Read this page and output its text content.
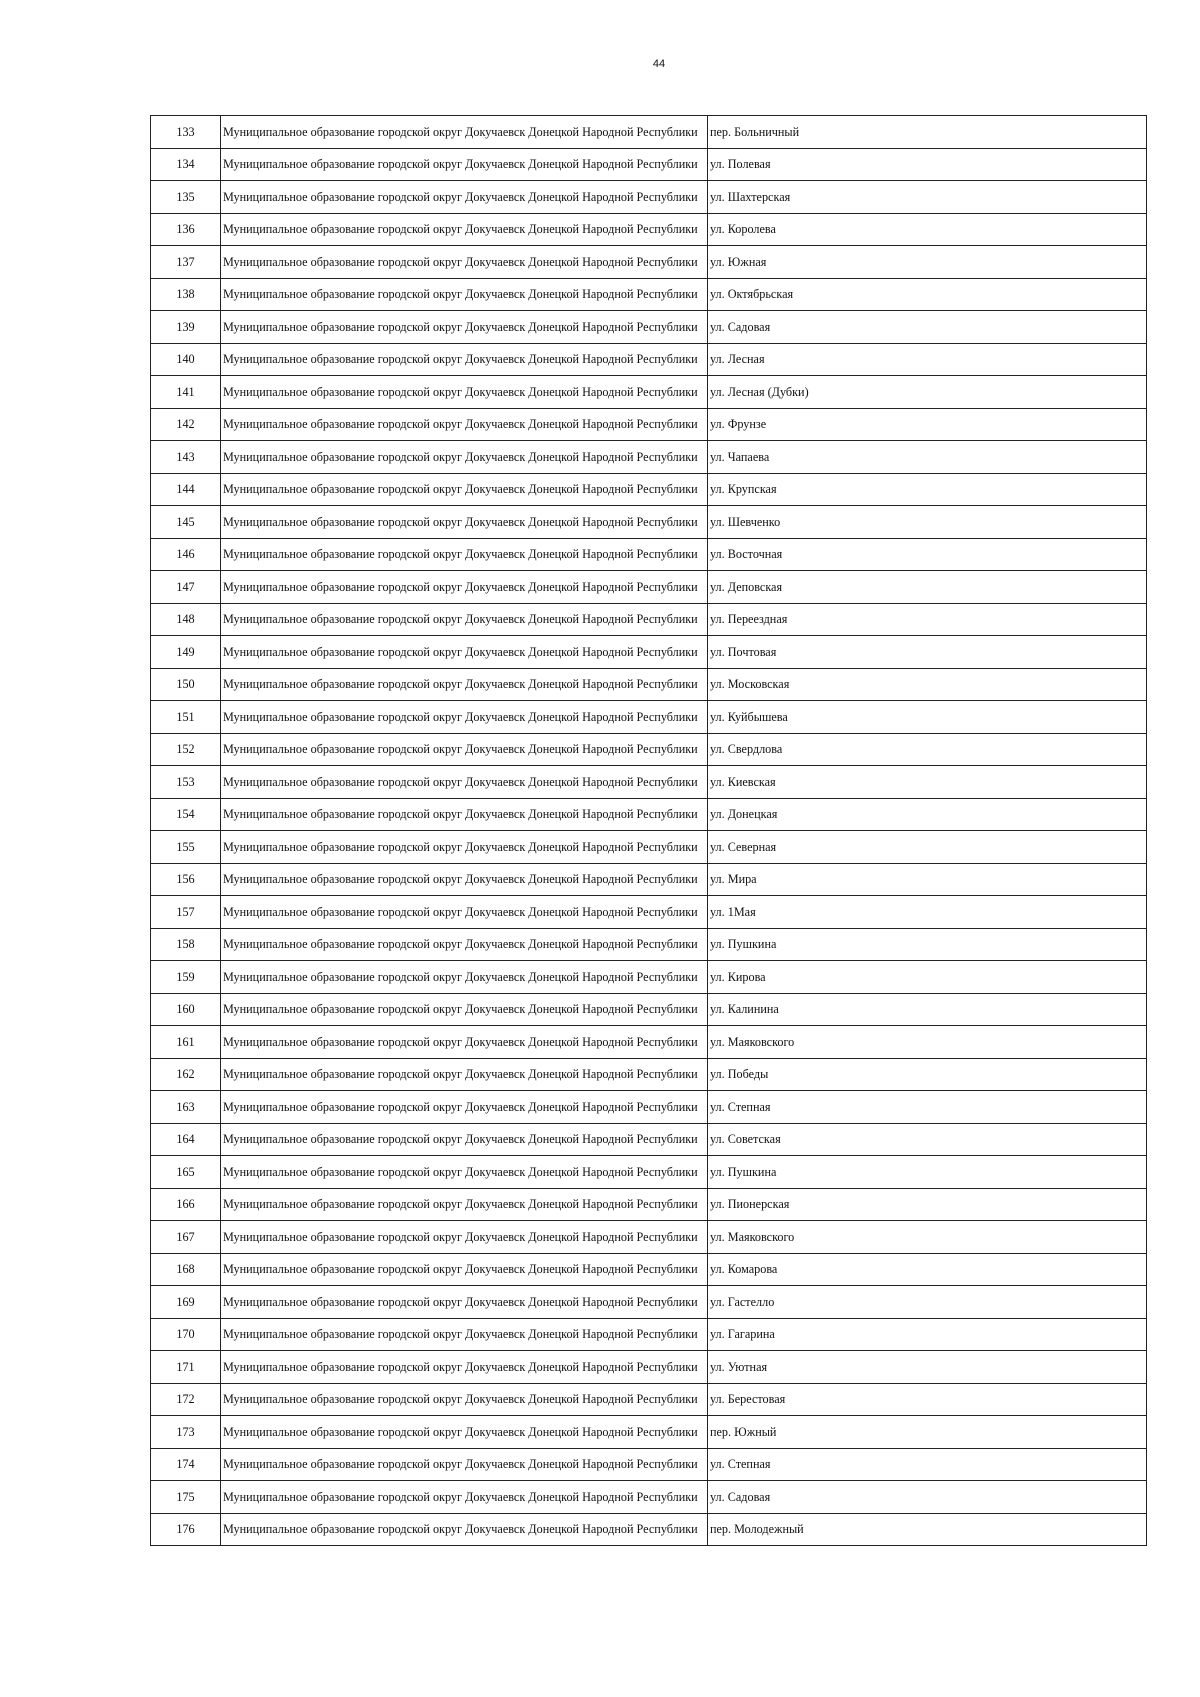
44
133	Муниципальное образование городской округ Докучаевск Донецкой Народной Республики	пер. Больничный
134	Муниципальное образование городской округ Докучаевск Донецкой Народной Республики	ул. Полевая
135	Муниципальное образование городской округ Докучаевск Донецкой Народной Республики	ул. Шахтерская
136	Муниципальное образование городской округ Докучаевск Донецкой Народной Республики	ул. Королева
137	Муниципальное образование городской округ Докучаевск Донецкой Народной Республики	ул. Южная
138	Муниципальное образование городской округ Докучаевск Донецкой Народной Республики	ул. Октябрьская
139	Муниципальное образование городской округ Докучаевск Донецкой Народной Республики	ул. Садовая
140	Муниципальное образование городской округ Докучаевск Донецкой Народной Республики	ул. Лесная
141	Муниципальное образование городской округ Докучаевск Донецкой Народной Республики	ул. Лесная (Дубки)
142	Муниципальное образование городской округ Докучаевск Донецкой Народной Республики	ул. Фрунзе
143	Муниципальное образование городской округ Докучаевск Донецкой Народной Республики	ул. Чапаева
144	Муниципальное образование городской округ Докучаевск Донецкой Народной Республики	ул. Крупская
145	Муниципальное образование городской округ Докучаевск Донецкой Народной Республики	ул. Шевченко
146	Муниципальное образование городской округ Докучаевск Донецкой Народной Республики	ул. Восточная
147	Муниципальное образование городской округ Докучаевск Донецкой Народной Республики	ул. Деповская
148	Муниципальное образование городской округ Докучаевск Донецкой Народной Республики	ул. Переездная
149	Муниципальное образование городской округ Докучаевск Донецкой Народной Республики	ул. Почтовая
150	Муниципальное образование городской округ Докучаевск Донецкой Народной Республики	ул. Московская
151	Муниципальное образование городской округ Докучаевск Донецкой Народной Республики	ул. Куйбышева
152	Муниципальное образование городской округ Докучаевск Донецкой Народной Республики	ул. Свердлова
153	Муниципальное образование городской округ Докучаевск Донецкой Народной Республики	ул. Киевская
154	Муниципальное образование городской округ Докучаевск Донецкой Народной Республики	ул. Донецкая
155	Муниципальное образование городской округ Докучаевск Донецкой Народной Республики	ул. Северная
156	Муниципальное образование городской округ Докучаевск Донецкой Народной Республики	ул. Мира
157	Муниципальное образование городской округ Докучаевск Донецкой Народной Республики	ул. 1Мая
158	Муниципальное образование городской округ Докучаевск Донецкой Народной Республики	ул. Пушкина
159	Муниципальное образование городской округ Докучаевск Донецкой Народной Республики	ул. Кирова
160	Муниципальное образование городской округ Докучаевск Донецкой Народной Республики	ул. Калинина
161	Муниципальное образование городской округ Докучаевск Донецкой Народной Республики	ул. Маяковского
162	Муниципальное образование городской округ Докучаевск Донецкой Народной Республики	ул. Победы
163	Муниципальное образование городской округ Докучаевск Донецкой Народной Республики	ул. Степная
164	Муниципальное образование городской округ Докучаевск Донецкой Народной Республики	ул. Советская
165	Муниципальное образование городской округ Докучаевск Донецкой Народной Республики	ул. Пушкина
166	Муниципальное образование городской округ Докучаевск Донецкой Народной Республики	ул. Пионерская
167	Муниципальное образование городской округ Докучаевск Донецкой Народной Республики	ул. Маяковского
168	Муниципальное образование городской округ Докучаевск Донецкой Народной Республики	ул. Комарова
169	Муниципальное образование городской округ Докучаевск Донецкой Народной Республики	ул. Гастелло
170	Муниципальное образование городской округ Докучаевск Донецкой Народной Республики	ул. Гагарина
171	Муниципальное образование городской округ Докучаевск Донецкой Народной Республики	ул. Уютная
172	Муниципальное образование городской округ Докучаевск Донецкой Народной Республики	ул. Берестовая
173	Муниципальное образование городской округ Докучаевск Донецкой Народной Республики	пер. Южный
174	Муниципальное образование городской округ Докучаевск Донецкой Народной Республики	ул. Степная
175	Муниципальное образование городской округ Докучаевск Донецкой Народной Республики	ул. Садовая
176	Муниципальное образование городской округ Докучаевск Донецкой Народной Республики	пер. Молодежный
